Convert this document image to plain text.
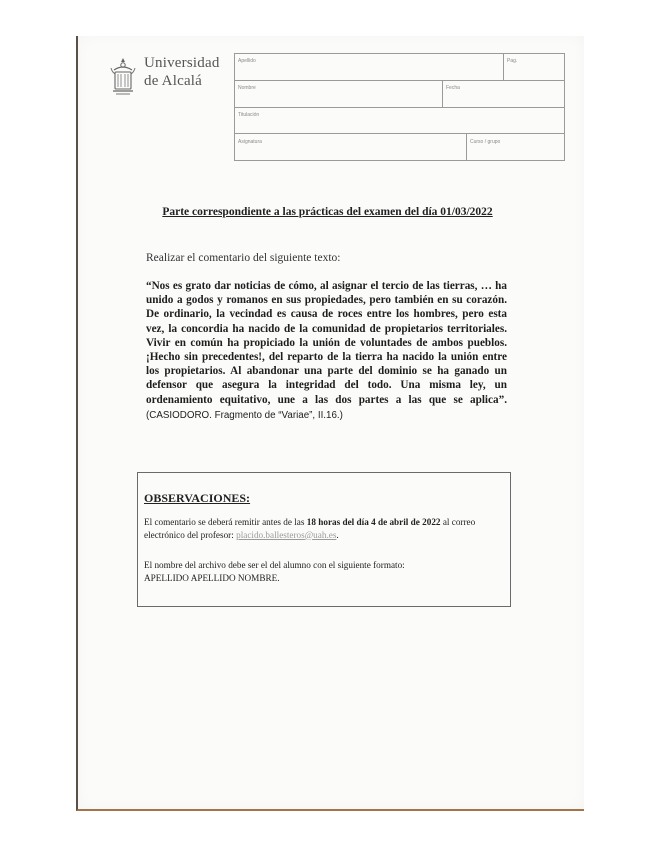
Universidad
de Alcalá
Apellido	Pag.
Nombre	Fecha
Titulación
Asignatura	Curso / grupo
Parte correspondiente a las prácticas del examen del día 01/03/2022
Realizar el comentario del siguiente texto:
“Nos es grato dar noticias de cómo, al asignar el tercio de las tierras, … ha unido a godos y romanos en sus propiedades, pero también en su corazón. De ordinario, la vecindad es causa de roces entre los hombres, pero esta vez, la concordia ha nacido de la comunidad de propietarios territoriales. Vivir en común ha propiciado la unión de voluntades de ambos pueblos. ¡Hecho sin precedentes!, del reparto de la tierra ha nacido la unión entre los propietarios. Al abandonar una parte del dominio se ha ganado un defensor que asegura la integridad del todo. Una misma ley, un ordenamiento equitativo, une a las dos partes a las que se aplica”. (CASIODORO. Fragmento de “Variae”, II.16.)
OBSERVACIONES:
El comentario se deberá remitir antes de las 18 horas del día 4 de abril de 2022 al correo electrónico del profesor: placido.ballesteros@uah.es.
El nombre del archivo debe ser el del alumno con el siguiente formato:
APELLIDO APELLIDO NOMBRE.
